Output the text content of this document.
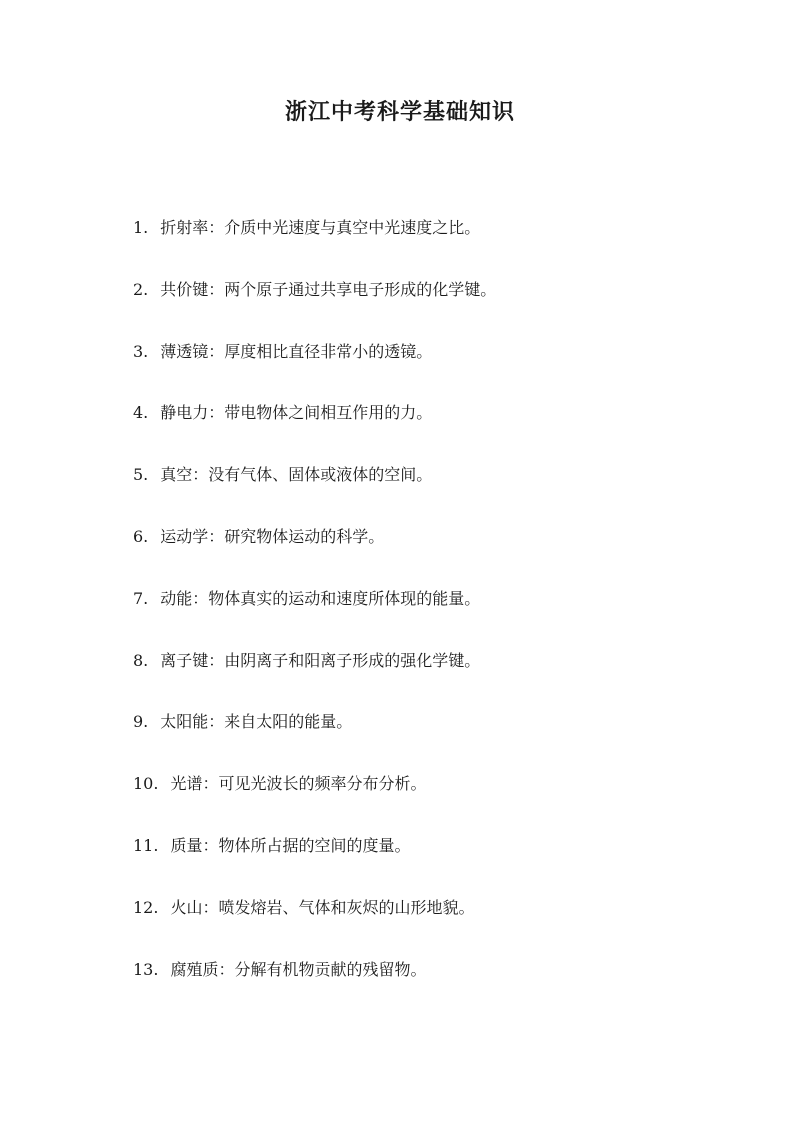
浙江中考科学基础知识
1. 折射率：介质中光速度与真空中光速度之比。
2. 共价键：两个原子通过共享电子形成的化学键。
3. 薄透镜：厚度相比直径非常小的透镜。
4. 静电力：带电物体之间相互作用的力。
5. 真空：没有气体、固体或液体的空间。
6. 运动学：研究物体运动的科学。
7. 动能：物体真实的运动和速度所体现的能量。
8. 离子键：由阴离子和阳离子形成的强化学键。
9. 太阳能：来自太阳的能量。
10. 光谱：可见光波长的频率分布分析。
11. 质量：物体所占据的空间的度量。
12. 火山：喷发熔岩、气体和灰烬的山形地貌。
13. 腐殖质：分解有机物贡献的残留物。
